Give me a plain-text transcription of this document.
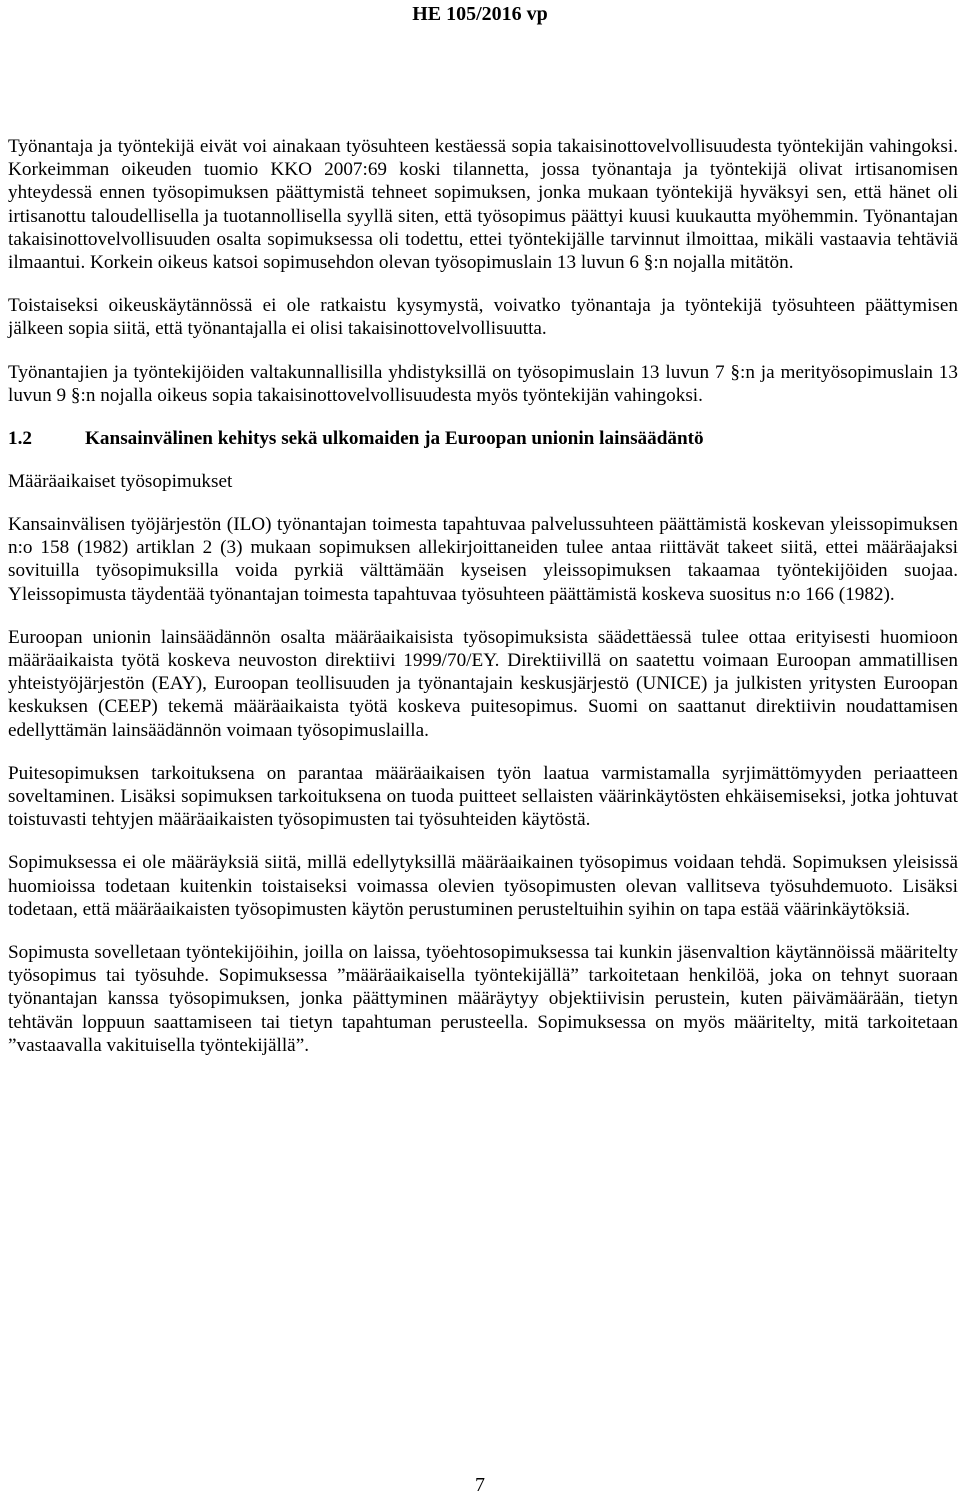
HE 105/2016 vp

Työnantaja ja työntekijä eivät voi ainakaan työsuhteen kestäessä sopia takaisinottovelvollisuudesta työntekijän vahingoksi. Korkeimman oikeuden tuomio KKO 2007:69 koski tilannetta, jossa työnantaja ja työntekijä olivat irtisanomisen yhteydessä ennen työsopimuksen päättymistä tehneet sopimuksen, jonka mukaan työntekijä hyväksyi sen, että hänet oli irtisanottu taloudellisella ja tuotannollisella syyllä siten, että työsopimus päättyi kuusi kuukautta myöhemmin. Työnantajan takaisinottovelvollisuuden osalta sopimuksessa oli todettu, ettei työntekijälle tarvinnut ilmoittaa, mikäli vastaavia tehtäviä ilmaantui. Korkein oikeus katsoi sopimusehdon olevan työsopimuslain 13 luvun 6 §:n nojalla mitätön.

Toistaiseksi oikeuskäytännössä ei ole ratkaistu kysymystä, voivatko työnantaja ja työntekijä työsuhteen päättymisen jälkeen sopia siitä, että työnantajalla ei olisi takaisinottovelvollisuutta.

Työnantajien ja työntekijöiden valtakunnallisilla yhdistyksillä on työsopimuslain 13 luvun 7 §:n ja merityösopimuslain 13 luvun 9 §:n nojalla oikeus sopia takaisinottovelvollisuudesta myös työntekijän vahingoksi.

1.2	Kansainvälinen kehitys sekä ulkomaiden ja Euroopan unionin lainsäädäntö
Määräaikaiset työsopimukset

Kansainvälisen työjärjestön (ILO) työnantajan toimesta tapahtuvaa palvelussuhteen päättämistä koskevan yleissopimuksen n:o 158 (1982) artiklan 2 (3) mukaan sopimuksen allekirjoittaneiden tulee antaa riittävät takeet siitä, ettei määräajaksi sovituilla työsopimuksilla voida pyrkiä välttämään kyseisen yleissopimuksen takaamaa työntekijöiden suojaa. Yleissopimusta täydentää työnantajan toimesta tapahtuvaa työsuhteen päättämistä koskeva suositus n:o 166 (1982).

Euroopan unionin lainsäädännön osalta määräaikaisista työsopimuksista säädettäessä tulee ottaa erityisesti huomioon määräaikaista työtä koskeva neuvoston direktiivi 1999/70/EY. Direktiivillä on saatettu voimaan Euroopan ammatillisen yhteistyöjärjestön (EAY), Euroopan teollisuuden ja työnantajain keskusjärjestö (UNICE) ja julkisten yritysten Euroopan keskuksen (CEEP) tekemä määräaikaista työtä koskeva puitesopimus. Suomi on saattanut direktiivin noudattamisen edellyttämän lainsäädännön voimaan työsopimuslailla.

Puitesopimuksen tarkoituksena on parantaa määräaikaisen työn laatua varmistamalla syrjimättömyyden periaatteen soveltaminen. Lisäksi sopimuksen tarkoituksena on tuoda puitteet sellaisten väärinkäytösten ehkäisemiseksi, jotka johtuvat toistuvasti tehtyjen määräaikaisten työsopimusten tai työsuhteiden käytöstä.

Sopimuksessa ei ole määräyksiä siitä, millä edellytyksillä määräaikainen työsopimus voidaan tehdä. Sopimuksen yleisissä huomioissa todetaan kuitenkin toistaiseksi voimassa olevien työsopimusten olevan vallitseva työsuhdemuoto. Lisäksi todetaan, että määräaikaisten työsopimusten käytön perustuminen perusteltuihin syihin on tapa estää väärinkäytöksiä.

Sopimusta sovelletaan työntekijöihin, joilla on laissa, työehtosopimuksessa tai kunkin jäsenvaltion käytännöissä määritelty työsopimus tai työsuhde. Sopimuksessa ”määräaikaisella työntekijällä” tarkoitetaan henkilöä, joka on tehnyt suoraan työnantajan kanssa työsopimuksen, jonka päättyminen määräytyy objektiivisin perustein, kuten päivämäärään, tietyn tehtävän loppuun saattamiseen tai tietyn tapahtuman perusteella. Sopimuksessa on myös määritelty, mitä tarkoitetaan ”vastaavalla vakituisella työntekijällä”.

7
